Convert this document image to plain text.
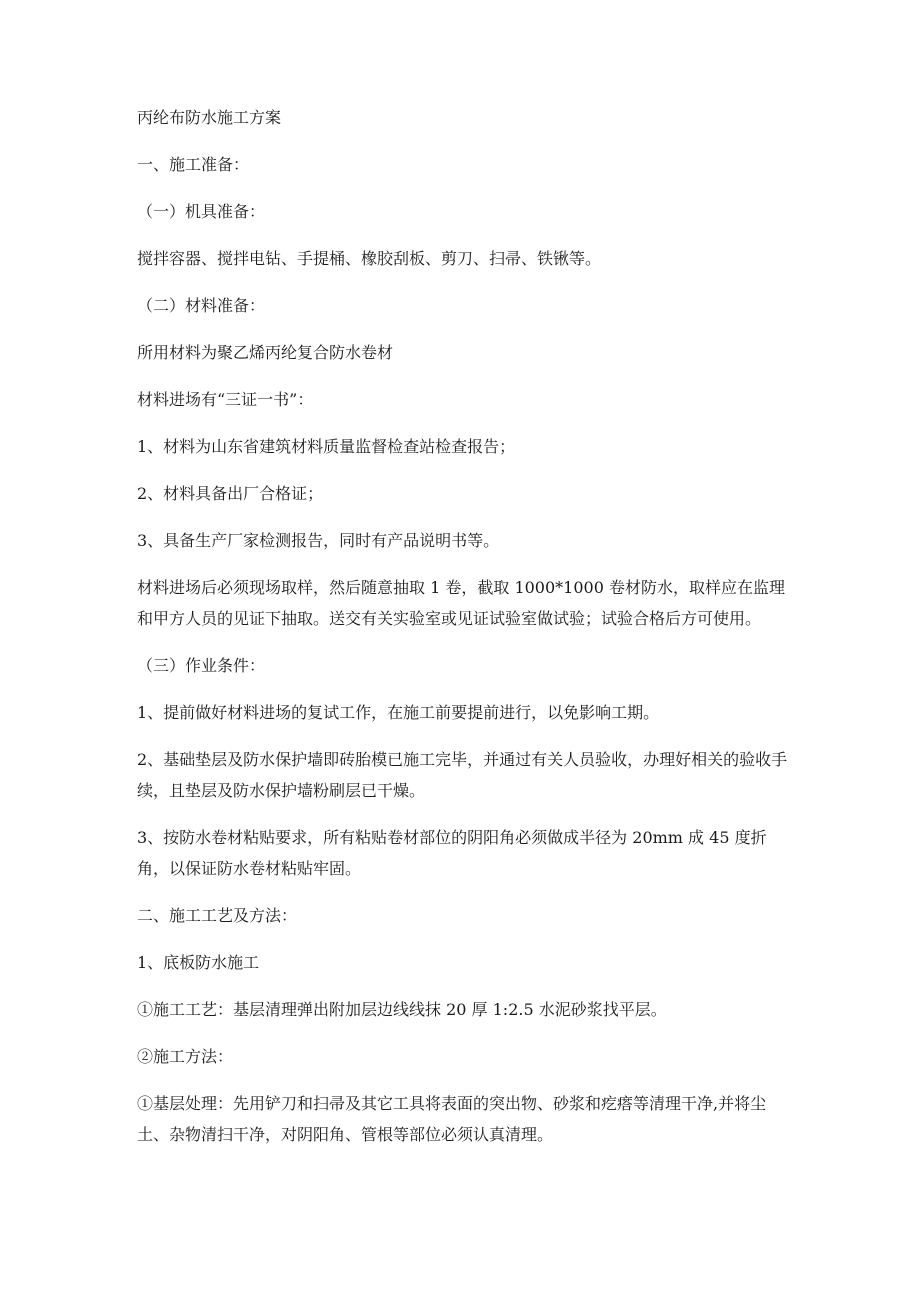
丙纶布防水施工方案

一、施工准备：

（一）机具准备：

搅拌容器、搅拌电钻、手提桶、橡胶刮板、剪刀、扫帚、铁锹等。

（二）材料准备：

所用材料为聚乙烯丙纶复合防水卷材

材料进场有“三证一书”：

1、材料为山东省建筑材料质量监督检查站检查报告；

2、材料具备出厂合格证；

3、具备生产厂家检测报告，同时有产品说明书等。

材料进场后必须现场取样，然后随意抽取 1 卷，截取 1000*1000 卷材防水，取样应在监理和甲方人员的见证下抽取。送交有关实验室或见证试验室做试验；试验合格后方可使用。

（三）作业条件：

1、提前做好材料进场的复试工作，在施工前要提前进行，以免影响工期。

2、基础垫层及防水保护墙即砖胎模已施工完毕，并通过有关人员验收，办理好相关的验收手续，且垫层及防水保护墙粉刷层已干燥。

3、按防水卷材粘贴要求，所有粘贴卷材部位的阴阳角必须做成半径为 20mm 成 45 度折角，以保证防水卷材粘贴牢固。

二、施工工艺及方法：

1、底板防水施工

①施工工艺：基层清理弹出附加层边线线抹 20 厚 1:2.5 水泥砂浆找平层。

②施工方法：

①基层处理：先用铲刀和扫帚及其它工具将表面的突出物、砂浆和疙瘩等清理干净,并将尘土、杂物清扫干净，对阴阳角、管根等部位必须认真清理。
